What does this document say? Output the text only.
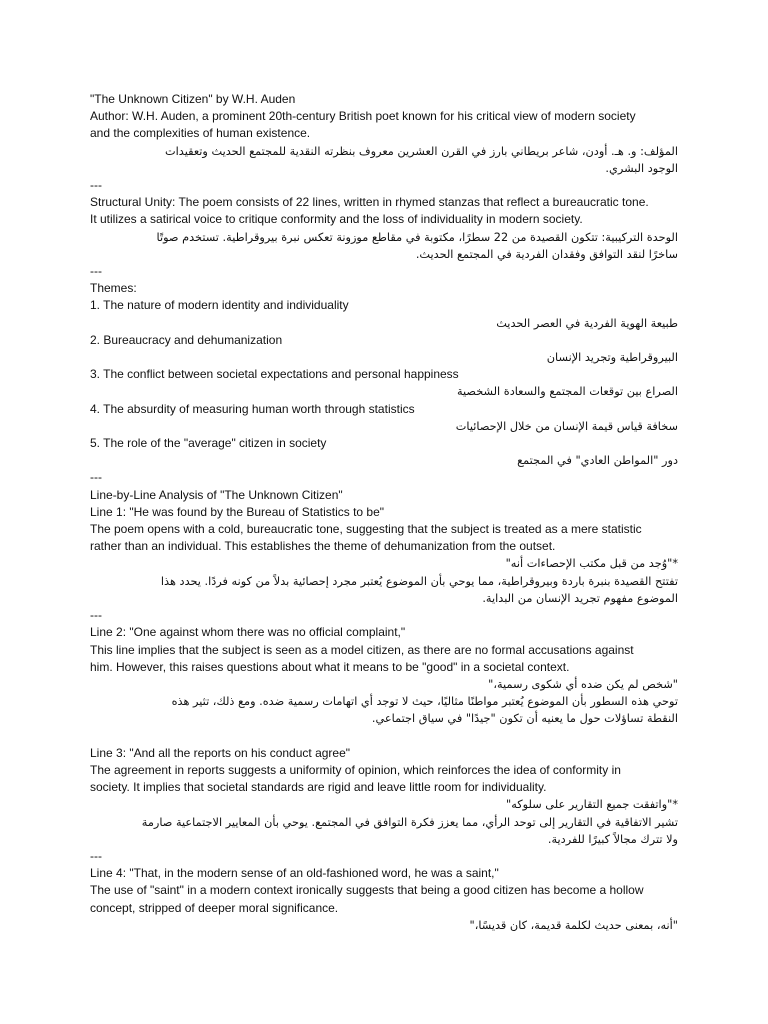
"The Unknown Citizen" by W.H. Auden
Author: W.H. Auden, a prominent 20th-century British poet known for his critical view of modern society
and the complexities of human existence.
المؤلف: و. هـ. أودن، شاعر بريطاني بارز في القرن العشرين معروف بنظرته النقدية للمجتمع الحديث وتعقيدات
الوجود البشري.
---
Structural Unity: The poem consists of 22 lines, written in rhymed stanzas that reflect a bureaucratic tone.
It utilizes a satirical voice to critique conformity and the loss of individuality in modern society.
الوحدة التركيبية: تتكون القصيدة من 22 سطرًا، مكتوبة في مقاطع موزونة تعكس نبرة بيروقراطية. تستخدم صوتًا
ساخرًا لنقد التوافق وفقدان الفردية في المجتمع الحديث.
---
Themes:
1. The nature of modern identity and individuality
طبيعة الهوية الفردية في العصر الحديث
2. Bureaucracy and dehumanization
البيروقراطية وتجريد الإنسان
3. The conflict between societal expectations and personal happiness
الصراع بين توقعات المجتمع والسعادة الشخصية
4. The absurdity of measuring human worth through statistics
سخافة قياس قيمة الإنسان من خلال الإحصائيات
5. The role of the "average" citizen in society
دور "المواطن العادي" في المجتمع
---
Line-by-Line Analysis of "The Unknown Citizen"
Line 1: "He was found by the Bureau of Statistics to be"
The poem opens with a cold, bureaucratic tone, suggesting that the subject is treated as a mere statistic
rather than an individual. This establishes the theme of dehumanization from the outset.
*"وُجد من قبل مكتب الإحصاءات أنه"
تفتتح القصيدة بنبرة باردة وبيروقراطية، مما يوحي بأن الموضوع يُعتبر مجرد إحصائية بدلاً من كونه فردًا. يحدد هذا
الموضوع مفهوم تجريد الإنسان من البداية.
---
Line 2: "One against whom there was no official complaint,"
This line implies that the subject is seen as a model citizen, as there are no formal accusations against
him. However, this raises questions about what it means to be "good" in a societal context.
"شخص لم يكن ضده أي شكوى رسمية،"
توحي هذه السطور بأن الموضوع يُعتبر مواطنًا مثاليًا، حيث لا توجد أي اتهامات رسمية ضده. ومع ذلك، تثير هذه
النقطة تساؤلات حول ما يعنيه أن تكون "جيدًا" في سياق اجتماعي.
Line 3: "And all the reports on his conduct agree"
The agreement in reports suggests a uniformity of opinion, which reinforces the idea of conformity in
society. It implies that societal standards are rigid and leave little room for individuality.
*"واتفقت جميع التقارير على سلوكه"
تشير الاتفاقية في التقارير إلى توحد الرأي، مما يعزز فكرة التوافق في المجتمع. يوحي بأن المعايير الاجتماعية صارمة
ولا تترك مجالاً كبيرًا للفردية.
---
Line 4: "That, in the modern sense of an old-fashioned word, he was a saint,"
The use of "saint" in a modern context ironically suggests that being a good citizen has become a hollow
concept, stripped of deeper moral significance.
"أنه، بمعنى حديث لكلمة قديمة، كان قديسًا،"
